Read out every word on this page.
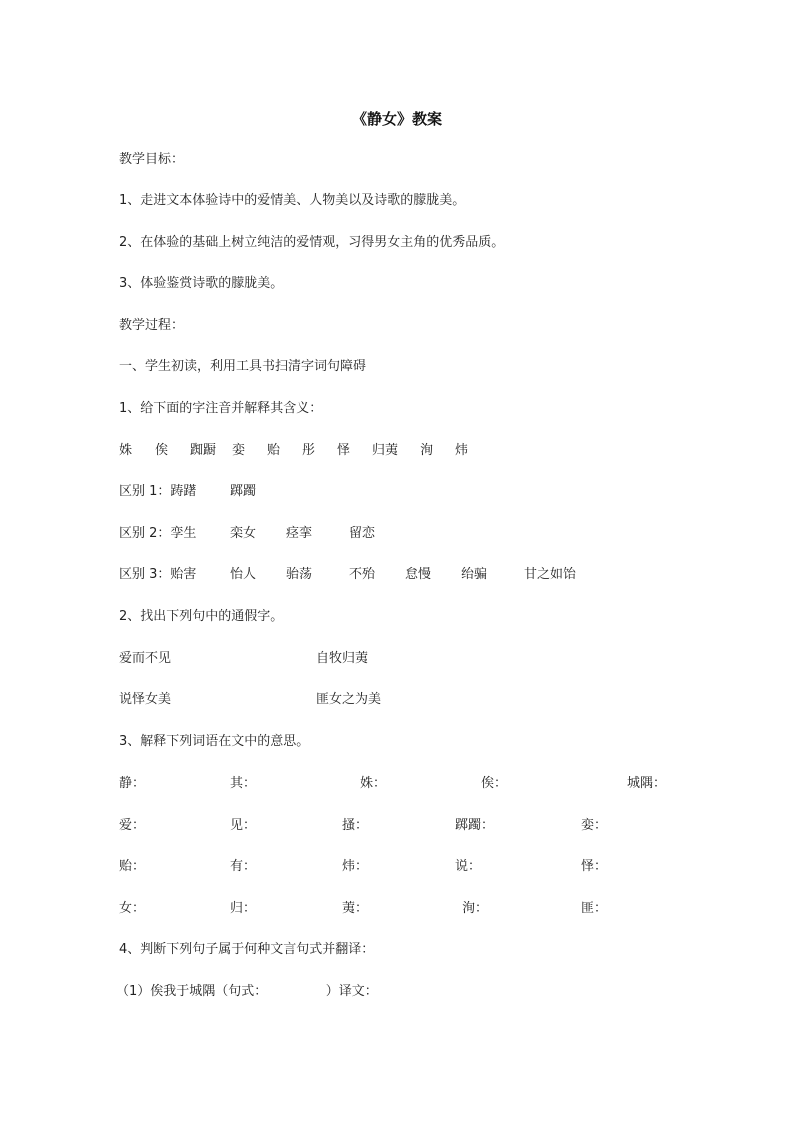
《静女》教案
教学目标：
1、走进文本体验诗中的爱情美、人物美以及诗歌的朦胧美。
2、在体验的基础上树立纯洁的爱情观，习得男女主角的优秀品质。
3、体验鉴赏诗歌的朦胧美。
教学过程：
一、学生初读，利用工具书扫清字词句障碍
1、给下面的字注音并解释其含义：
姝 俟 踟蹰 娈 贻 彤 怿 归荑 洵 炜
区别 1：踌躇	踯躅
区别 2：孪生	栾女 痉挛	留恋
区别 3：贻害	怡人 骀荡	不殆 怠慢 绐骗	甘之如饴
2、找出下列句中的通假字。
爱而不见	自牧归荑
说怿女美	匪女之为美
3、解释下列词语在文中的意思。
静：	其：	姝：	俟：	城隅：
爱：	见：	搔：	踯躅：	娈：
贻：	有：	炜：	说：	怿：
女：	归：	荑：	洵：	匪：
4、判断下列句子属于何种文言句式并翻译：
（1）俟我于城隅（句式：　　　　　）译文：
